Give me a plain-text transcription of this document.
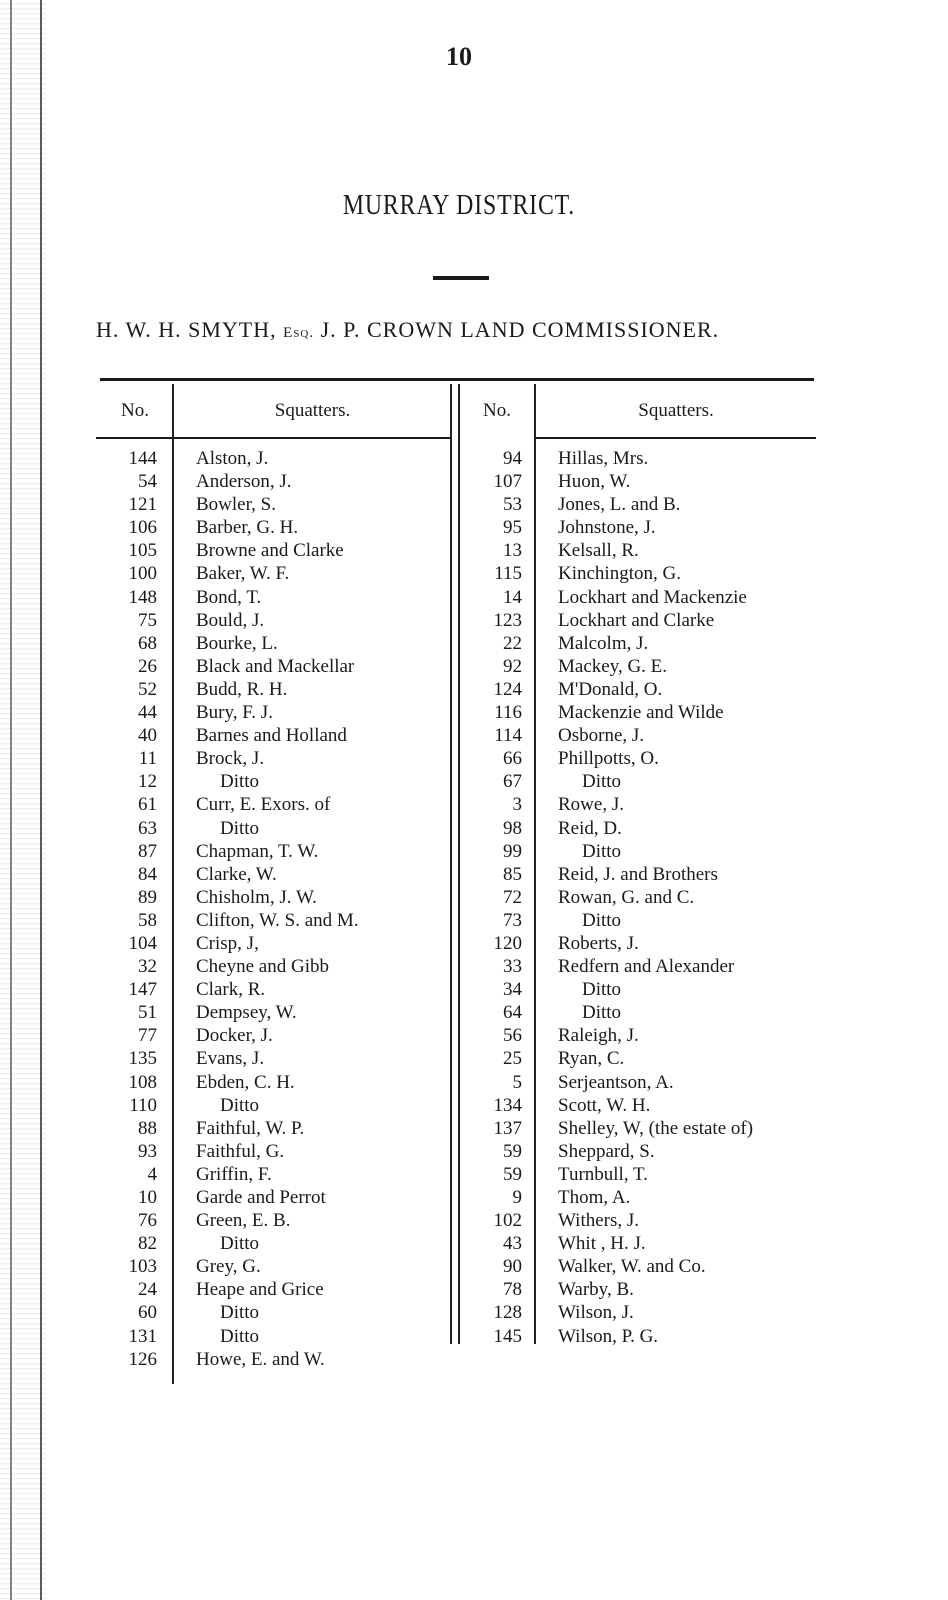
10
MURRAY DISTRICT.
H. W. H. SMYTH, Esq. J. P. CROWN LAND COMMISSIONER.
No.	Squatters.	No.	Squatters.
144 Alston, J.
54 Anderson, J.
121 Bowler, S.
106 Barber, G. H.
105 Browne and Clarke
100 Baker, W. F.
148 Bond, T.
75 Bould, J.
68 Bourke, L.
26 Black and Mackellar
52 Budd, R. H.
44 Bury, F. J.
40 Barnes and Holland
11 Brock, J.
12	Ditto
61 Curr, E. Exors. of
63	Ditto
87 Chapman, T. W.
84 Clarke, W.
89 Chisholm, J. W.
58 Clifton, W. S. and M.
104 Crisp, J,
32 Cheyne and Gibb
147 Clark, R.
51 Dempsey, W.
77 Docker, J.
135 Evans, J.
108 Ebden, C. H.
110	Ditto
88 Faithful, W. P.
93 Faithful, G.
4 Griffin, F.
10 Garde and Perrot
76 Green, E. B.
82	Ditto
103 Grey, G.
24 Heape and Grice
60	Ditto
131	Ditto
126 Howe, E. and W.
94 Hillas, Mrs.
107 Huon, W.
53 Jones, L. and B.
95 Johnstone, J.
13 Kelsall, R.
115 Kinchington, G.
14 Lockhart and Mackenzie
123 Lockhart and Clarke
22 Malcolm, J.
92 Mackey, G. E.
124 M'Donald, O.
116 Mackenzie and Wilde
114 Osborne, J.
66 Phillpotts, O.
67	Ditto
3 Rowe, J.
98 Reid, D.
99	Ditto
85 Reid, J. and Brothers
72 Rowan, G. and C.
73	Ditto
120 Roberts, J.
33 Redfern and Alexander
34	Ditto
64	Ditto
56 Raleigh, J.
25 Ryan, C.
5 Serjeantson, A.
134 Scott, W. H.
137 Shelley, W, (the estate of)
59 Sheppard, S.
59 Turnbull, T.
9 Thom, A.
102 Withers, J.
43 Whit , H. J.
90 Walker, W. and Co.
78 Warby, B.
128 Wilson, J.
145 Wilson, P. G.
